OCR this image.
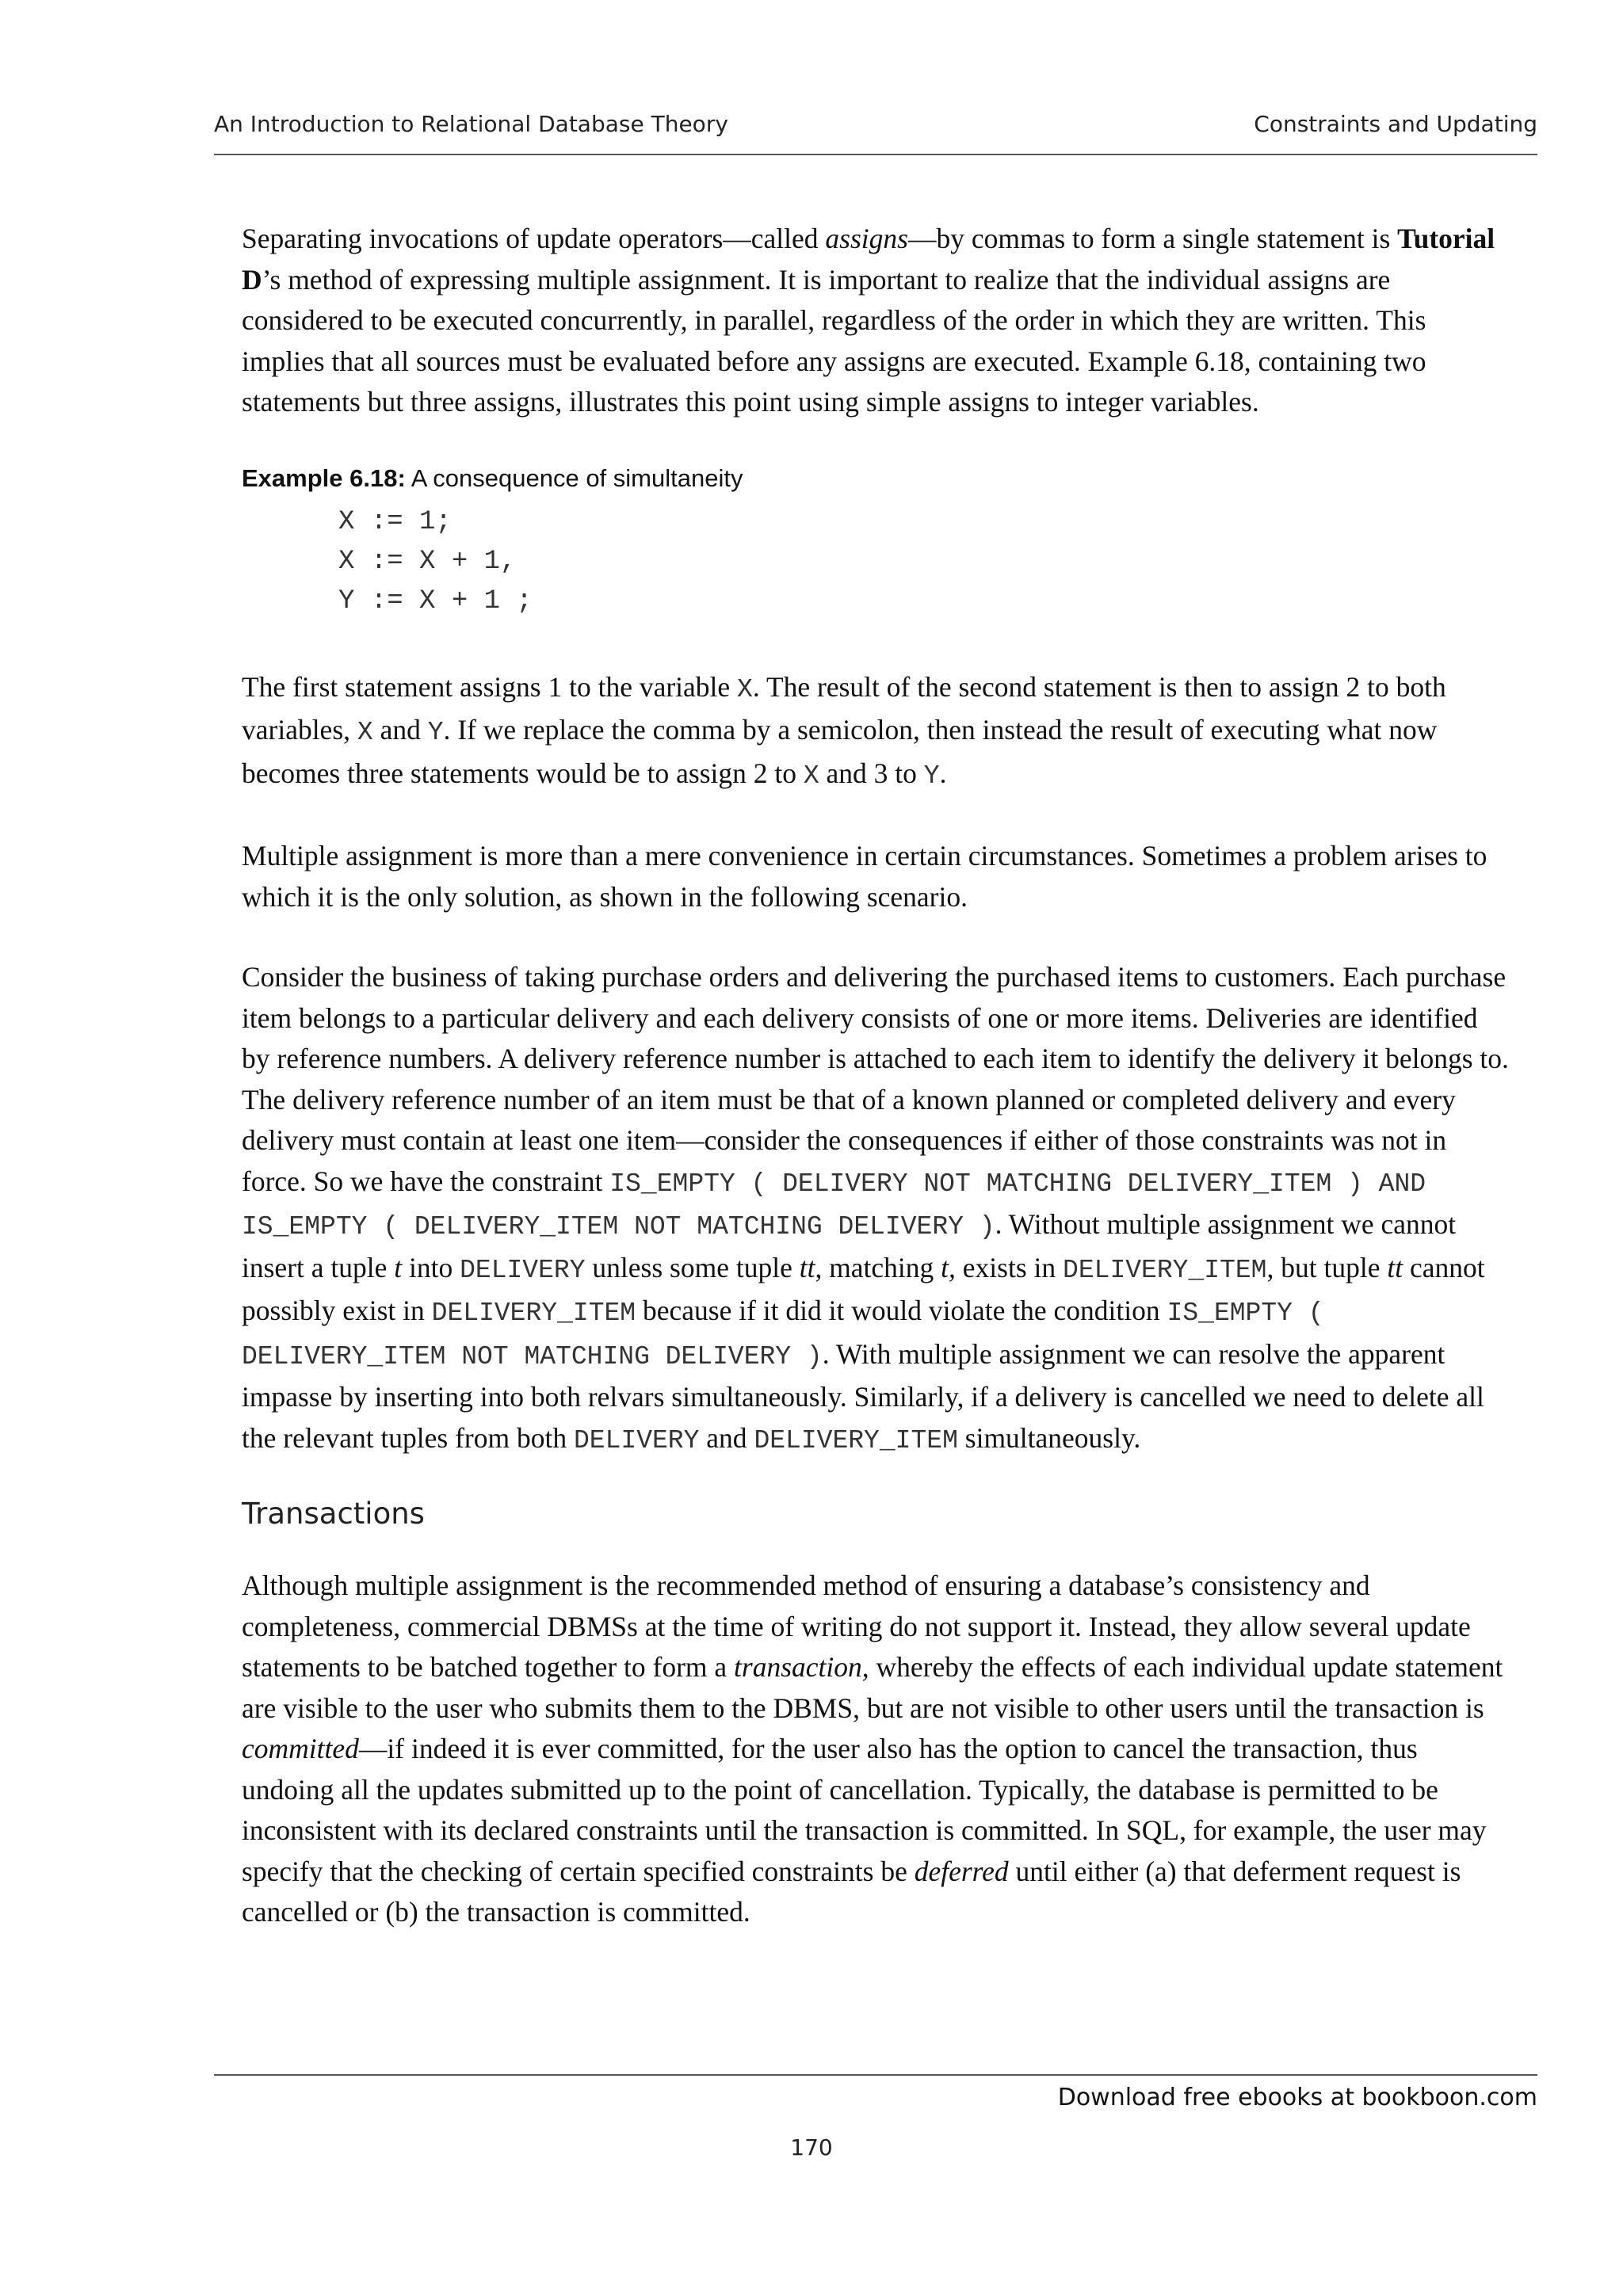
An Introduction to Relational Database Theory	Constraints and Updating

Separating invocations of update operators—called assigns—by commas to form a single statement is Tutorial D’s method of expressing multiple assignment. It is important to realize that the individual assigns are considered to be executed concurrently, in parallel, regardless of the order in which they are written. This implies that all sources must be evaluated before any assigns are executed. Example 6.18, containing two statements but three assigns, illustrates this point using simple assigns to integer variables.

Example 6.18: A consequence of simultaneity
X := 1;
X := X + 1,
Y := X + 1 ;

The first statement assigns 1 to the variable X. The result of the second statement is then to assign 2 to both variables, X and Y. If we replace the comma by a semicolon, then instead the result of executing what now becomes three statements would be to assign 2 to X and 3 to Y.

Multiple assignment is more than a mere convenience in certain circumstances. Sometimes a problem arises to which it is the only solution, as shown in the following scenario.

Consider the business of taking purchase orders and delivering the purchased items to customers. Each purchase item belongs to a particular delivery and each delivery consists of one or more items. Deliveries are identified by reference numbers. A delivery reference number is attached to each item to identify the delivery it belongs to. The delivery reference number of an item must be that of a known planned or completed delivery and every delivery must contain at least one item—consider the consequences if either of those constraints was not in force. So we have the constraint IS_EMPTY ( DELIVERY NOT MATCHING DELIVERY_ITEM ) AND IS_EMPTY ( DELIVERY_ITEM NOT MATCHING DELIVERY ). Without multiple assignment we cannot insert a tuple t into DELIVERY unless some tuple tt, matching t, exists in DELIVERY_ITEM, but tuple tt cannot possibly exist in DELIVERY_ITEM because if it did it would violate the condition IS_EMPTY ( DELIVERY_ITEM NOT MATCHING DELIVERY ). With multiple assignment we can resolve the apparent impasse by inserting into both relvars simultaneously. Similarly, if a delivery is cancelled we need to delete all the relevant tuples from both DELIVERY and DELIVERY_ITEM simultaneously.

Transactions

Although multiple assignment is the recommended method of ensuring a database’s consistency and completeness, commercial DBMSs at the time of writing do not support it. Instead, they allow several update statements to be batched together to form a transaction, whereby the effects of each individual update statement are visible to the user who submits them to the DBMS, but are not visible to other users until the transaction is committed—if indeed it is ever committed, for the user also has the option to cancel the transaction, thus undoing all the updates submitted up to the point of cancellation. Typically, the database is permitted to be inconsistent with its declared constraints until the transaction is committed. In SQL, for example, the user may specify that the checking of certain specified constraints be deferred until either (a) that deferment request is cancelled or (b) the transaction is committed.

Download free ebooks at bookboon.com
170
